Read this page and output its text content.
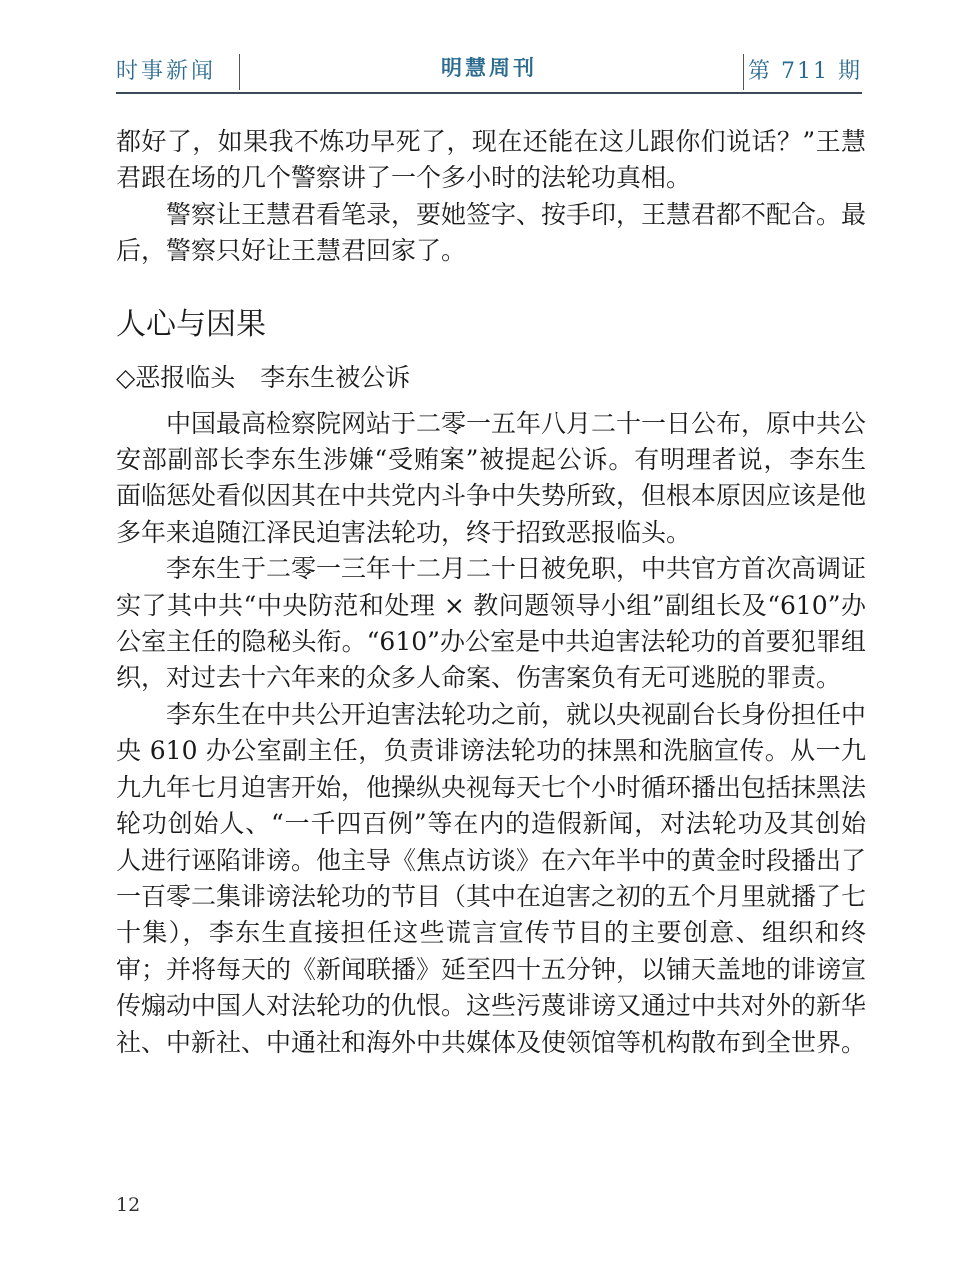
时事新闻	明慧周刊	第 711 期

都好了，如果我不炼功早死了，现在还能在这儿跟你们说话？”王慧君跟在场的几个警察讲了一个多小时的法轮功真相。

警察让王慧君看笔录，要她签字、按手印，王慧君都不配合。最后，警察只好让王慧君回家了。

人心与因果
◇恶报临头　李东生被公诉

中国最高检察院网站于二零一五年八月二十一日公布，原中共公安部副部长李东生涉嫌“受贿案”被提起公诉。有明理者说，李东生面临惩处看似因其在中共党内斗争中失势所致，但根本原因应该是他多年来追随江泽民迫害法轮功，终于招致恶报临头。

李东生于二零一三年十二月二十日被免职，中共官方首次高调证实了其中共“中央防范和处理 × 教问题领导小组”副组长及“610”办公室主任的隐秘头衔。“610”办公室是中共迫害法轮功的首要犯罪组织，对过去十六年来的众多人命案、伤害案负有无可逃脱的罪责。

李东生在中共公开迫害法轮功之前，就以央视副台长身份担任中央 610 办公室副主任，负责诽谤法轮功的抹黑和洗脑宣传。从一九九九年七月迫害开始，他操纵央视每天七个小时循环播出包括抹黑法轮功创始人、“一千四百例”等在内的造假新闻，对法轮功及其创始人进行诬陷诽谤。他主导《焦点访谈》在六年半中的黄金时段播出了一百零二集诽谤法轮功的节目（其中在迫害之初的五个月里就播了七十集），李东生直接担任这些谎言宣传节目的主要创意、组织和终审；并将每天的《新闻联播》延至四十五分钟，以铺天盖地的诽谤宣传煽动中国人对法轮功的仇恨。这些污蔑诽谤又通过中共对外的新华社、中新社、中通社和海外中共媒体及使领馆等机构散布到全世界。

12
